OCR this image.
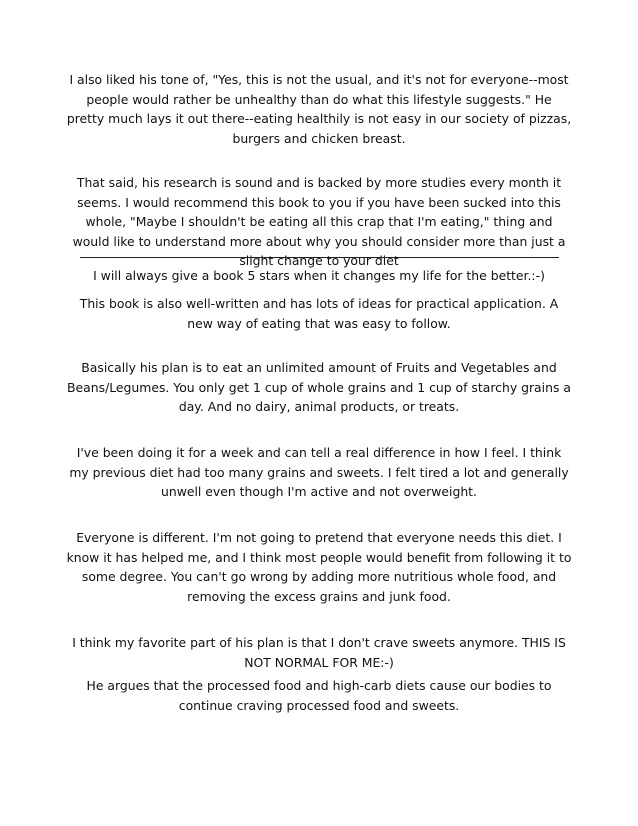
I also liked his tone of, "Yes, this is not the usual, and it's not for everyone--most people would rather be unhealthy than do what this lifestyle suggests." He pretty much lays it out there--eating healthily is not easy in our society of pizzas, burgers and chicken breast.

That said, his research is sound and is backed by more studies every month it seems. I would recommend this book to you if you have been sucked into this whole, "Maybe I shouldn't be eating all this crap that I'm eating," thing and would like to understand more about why you should consider more than just a slight change to your diet

I will always give a book 5 stars when it changes my life for the better.:-)

This book is also well-written and has lots of ideas for practical application. A new way of eating that was easy to follow.

Basically his plan is to eat an unlimited amount of Fruits and Vegetables and Beans/Legumes. You only get 1 cup of whole grains and 1 cup of starchy grains a day. And no dairy, animal products, or treats.

I've been doing it for a week and can tell a real difference in how I feel. I think my previous diet had too many grains and sweets. I felt tired a lot and generally unwell even though I'm active and not overweight.

Everyone is different. I'm not going to pretend that everyone needs this diet. I know it has helped me, and I think most people would benefit from following it to some degree. You can't go wrong by adding more nutritious whole food, and removing the excess grains and junk food.

I think my favorite part of his plan is that I don't crave sweets anymore. THIS IS NOT NORMAL FOR ME:-)

He argues that the processed food and high-carb diets cause our bodies to continue craving processed food and sweets.
